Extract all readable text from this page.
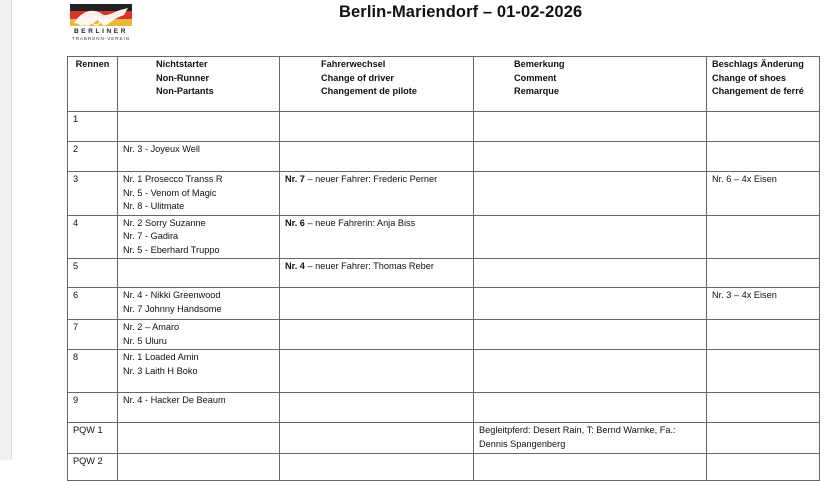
BERLINER
TRABRENN-VEREIN
Berlin-Mariendorf – 01-02-2026
Rennen	Nichtstarter
Non-Runner
Non-Partants	Fahrerwechsel
Change of driver
Changement de pilote	Bemerkung
Comment
Remarque	Beschlags Änderung
Change of shoes
Changement de ferré

1				
2	Nr. 3 - Joyeux Well			

3	Nr. 1 Prosecco Transs R
Nr. 5 - Venom of Magic
Nr. 8 - Ulitmate	Nr. 7 – neuer Fahrer: Frederic Perner		Nr. 6 – 4x Eisen

4	Nr. 2 Sorry Suzanne
Nr. 7 - Gadira
Nr. 5 - Eberhard Truppo	Nr. 6 – neue Fahrerin: Anja Biss		

5		Nr. 4 – neuer Fahrer: Thomas Reber		

6	Nr. 4 - Nikki Greenwood
Nr. 7 Johnny Handsome			Nr. 3 – 4x Eisen

7	Nr. 2 – Amaro
Nr. 5 Uluru			

8	Nr. 1 Loaded Amin
Nr. 3 Laith H Boko			

9	Nr. 4 - Hacker De Beaum			

PQW 1			Begleitpferd: Desert Rain, T: Bernd Warnke, Fa.:
Dennis Spangenberg	

PQW 2				
